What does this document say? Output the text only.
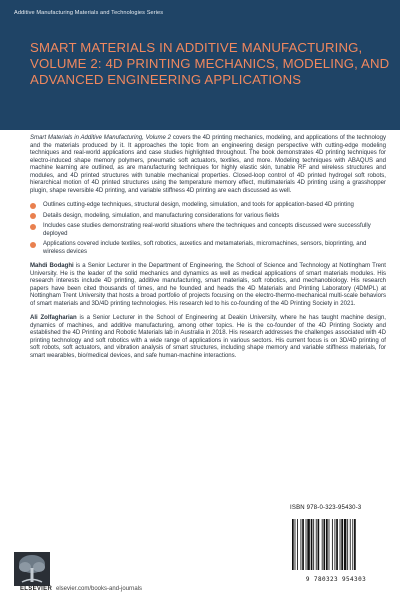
Additive Manufacturing Materials and Technologies Series
SMART MATERIALS IN ADDITIVE MANUFACTURING, VOLUME 2: 4D PRINTING MECHANICS, MODELING, AND ADVANCED ENGINEERING APPLICATIONS

Smart Materials in Additive Manufacturing, Volume 2 covers the 4D printing mechanics, modeling, and applications of the technology and the materials produced by it. It approaches the topic from an engineering design perspective with cutting-edge modeling techniques and real-world applications and case studies highlighted throughout. The book demonstrates 4D printing techniques for electro-induced shape memory polymers, pneumatic soft actuators, textiles, and more. Modeling techniques with ABAQUS and machine learning are outlined, as are manufacturing techniques for highly elastic skin, tunable RF and wireless structures and modules, and 4D printed structures with tunable mechanical properties. Closed-loop control of 4D printed hydrogel soft robots, hierarchical motion of 4D printed structures using the temperature memory effect, multimaterials 4D printing using a grasshopper plugin, shape reversible 4D printing, and variable stiffness 4D printing are each discussed as well.

Outlines cutting-edge techniques, structural design, modeling, simulation, and tools for application-based 4D printing
Details design, modeling, simulation, and manufacturing considerations for various fields
Includes case studies demonstrating real-world situations where the techniques and concepts discussed were successfully deployed
Applications covered include textiles, soft robotics, auxetics and metamaterials, micromachines, sensors, bioprinting, and wireless devices

Mahdi Bodaghi is a Senior Lecturer in the Department of Engineering, the School of Science and Technology at Nottingham Trent University. He is the leader of the solid mechanics and dynamics as well as medical applications of smart materials modules. His research interests include 4D printing, additive manufacturing, smart materials, soft robotics, and mechanobiology. His research papers have been cited thousands of times, and he founded and heads the 4D Materials and Printing Laboratory (4DMPL) at Nottingham Trent University that hosts a broad portfolio of projects focusing on the electro-thermo-mechanical multi-scale behaviors of smart materials and 3D/4D printing technologies. His research led to his co-founding of the 4D Printing Society in 2021.

Ali Zolfagharian is a Senior Lecturer in the School of Engineering at Deakin University, where he has taught machine design, dynamics of machines, and additive manufacturing, among other topics. He is the co-founder of the 4D Printing Society and established the 4D Printing and Robotic Materials lab in Australia in 2018. His research addresses the challenges associated with 4D printing technology and soft robotics with a wide range of applications in various sectors. His current focus is on 3D/4D printing of soft robots, soft actuators, and vibration analysis of smart structures, including shape memory and variable stiffness materials, for smart wearables, bio/medical devices, and safe human-machine interactions.

ISBN 978-0-323-95430-3
9 780323 954303
ELSEVIER elsevier.com/books-and-journals
